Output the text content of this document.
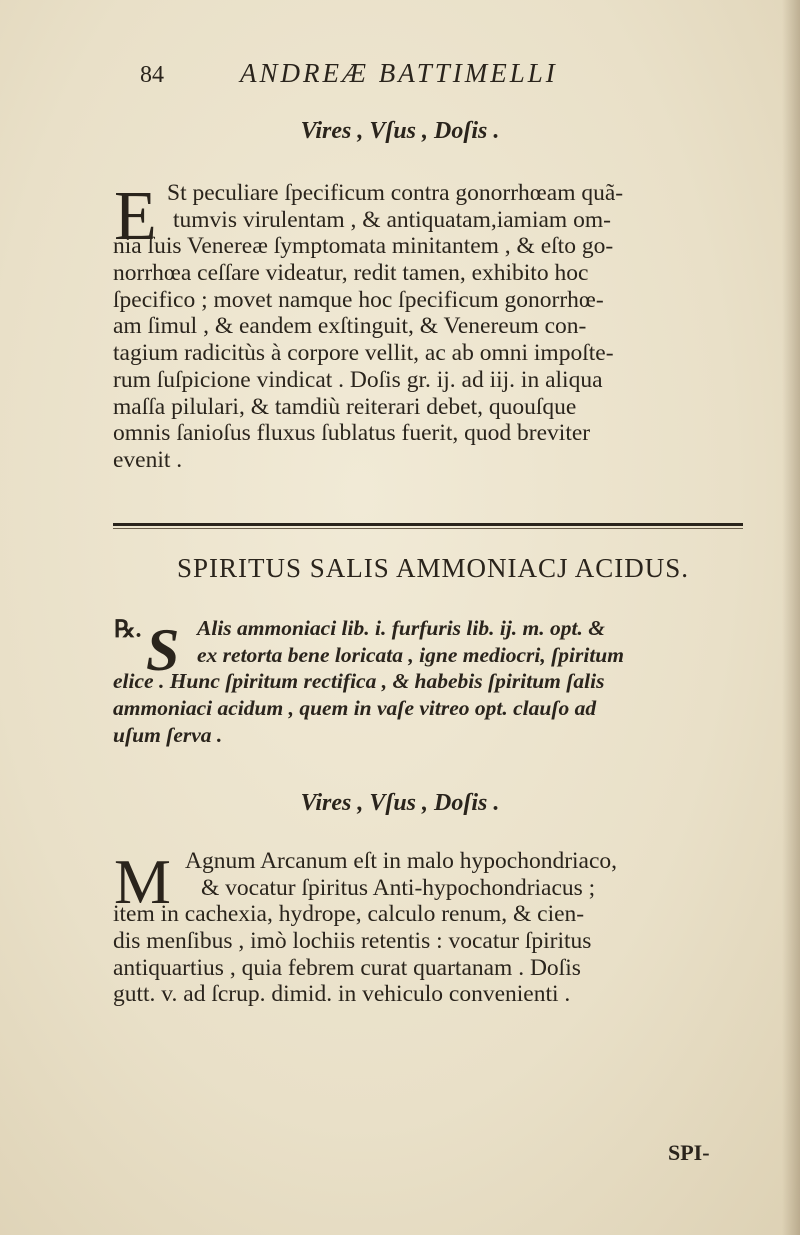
84	ANDREÆ BATTIMELLI
Vires , Vſus , Doſis .
E St peculiare ſpecificum contra gonorrhœam quã-
tumvis virulentam , & antiquatam,iamiam om-
nia ſuis Venereæ ſymptomata minitantem , & eſto go-
norrhœa ceſſare videatur, redit tamen, exhibito hoc
ſpecifico ; movet namque hoc ſpecificum gonorrhœ-
am ſimul , & eandem exſtinguit, & Venereum con-
tagium radicitùs à corpore vellit, ac ab omni impoſte-
rum ſuſpicione vindicat . Doſis gr. ij. ad iij. in aliqua
maſſa pilulari, & tamdiù reiterari debet, quouſque
omnis ſanioſus fluxus ſublatus fuerit, quod breviter
evenit .
SPIRITUS SALIS AMMONIACJ ACIDUS.
℞. S Alis ammoniaci lib. i. furfuris lib. ij. m. opt. &
ex retorta bene loricata , igne mediocri, ſpiritum
elice . Hunc ſpiritum rectifica , & habebis ſpiritum ſalis
ammoniaci acidum , quem in vaſe vitreo opt. clauſo ad
uſum ſerva .
Vires , Vſus , Doſis .
M Agnum Arcanum eſt in malo hypochondriaco,
& vocatur ſpiritus Anti-hypochondriacus ;
item in cachexia, hydrope, calculo renum, & cien-
dis menſibus , imò lochiis retentis : vocatur ſpiritus
antiquartius , quia febrem curat quartanam . Doſis
gutt. v. ad ſcrup. dimid. in vehiculo convenienti .
SPI-
